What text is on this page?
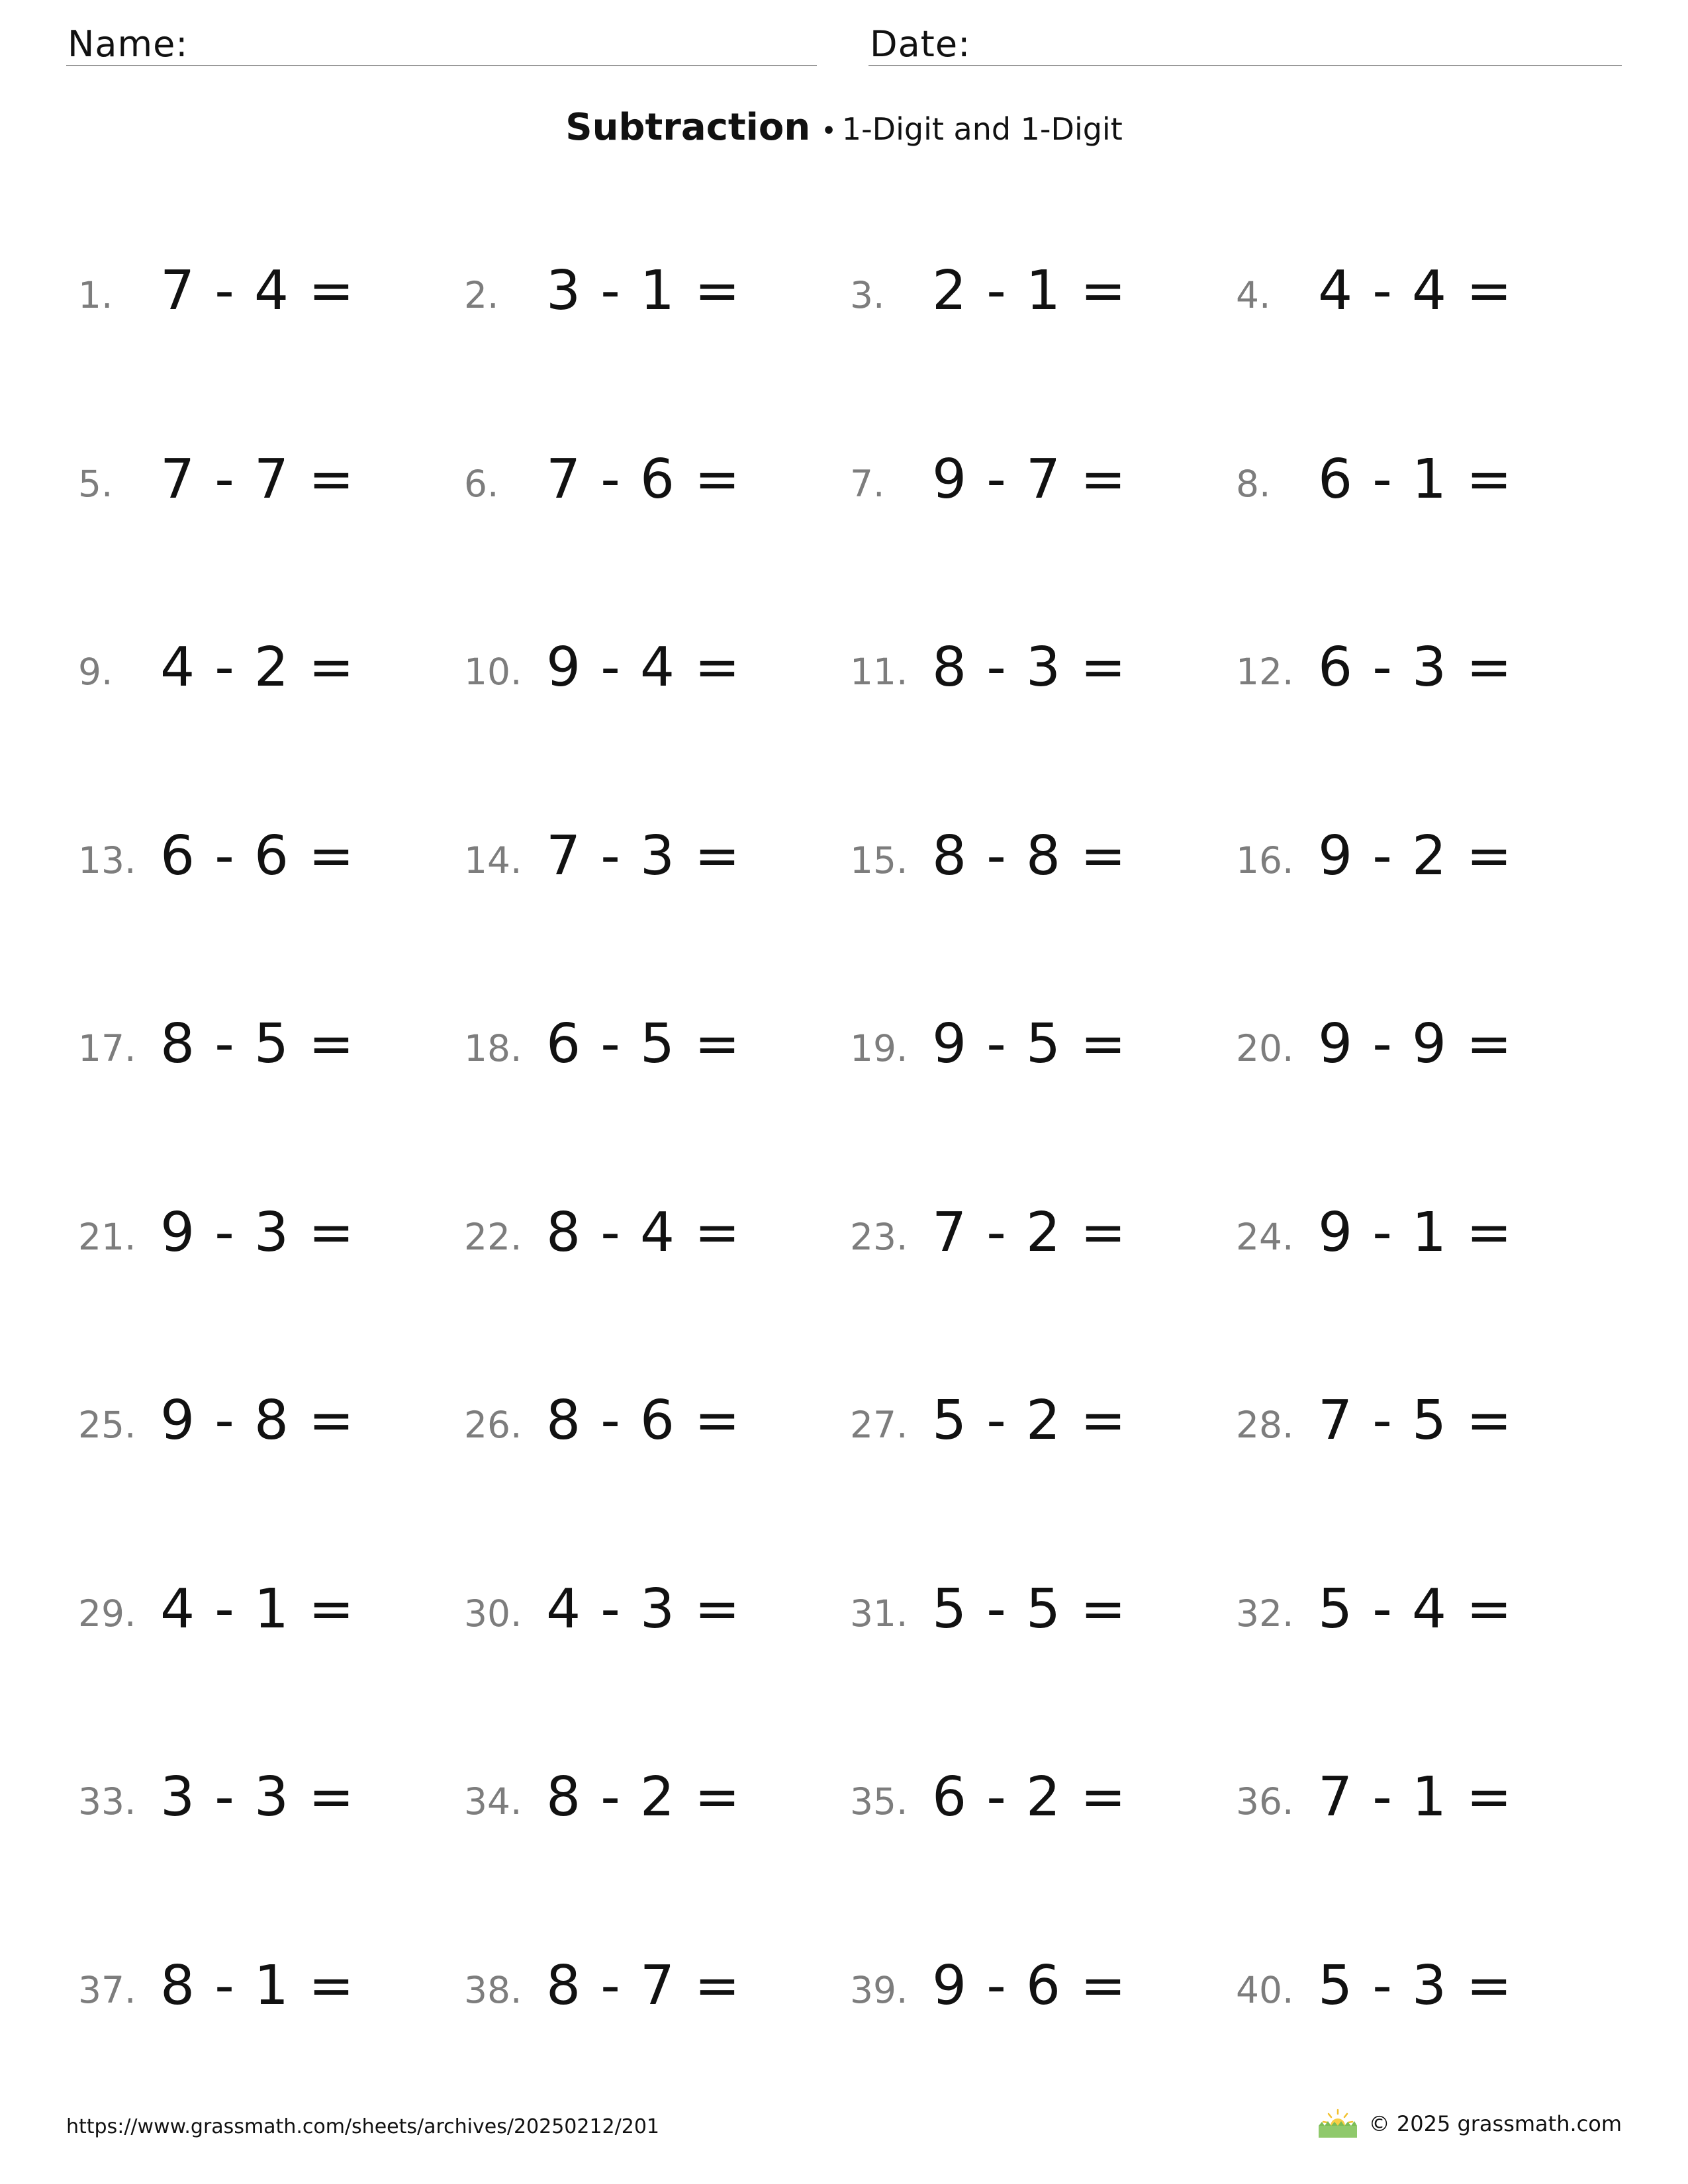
Name:	Date:
Subtraction • 1-Digit and 1-Digit
1. 7 - 4 =	2. 3 - 1 =	3. 2 - 1 =	4. 4 - 4 =
5. 7 - 7 =	6. 7 - 6 =	7. 9 - 7 =	8. 6 - 1 =
9. 4 - 2 =	10. 9 - 4 =	11. 8 - 3 =	12. 6 - 3 =
13. 6 - 6 =	14. 7 - 3 =	15. 8 - 8 =	16. 9 - 2 =
17. 8 - 5 =	18. 6 - 5 =	19. 9 - 5 =	20. 9 - 9 =
21. 9 - 3 =	22. 8 - 4 =	23. 7 - 2 =	24. 9 - 1 =
25. 9 - 8 =	26. 8 - 6 =	27. 5 - 2 =	28. 7 - 5 =
29. 4 - 1 =	30. 4 - 3 =	31. 5 - 5 =	32. 5 - 4 =
33. 3 - 3 =	34. 8 - 2 =	35. 6 - 2 =	36. 7 - 1 =
37. 8 - 1 =	38. 8 - 7 =	39. 9 - 6 =	40. 5 - 3 =
https://www.grassmath.com/sheets/archives/20250212/201	© 2025 grassmath.com
